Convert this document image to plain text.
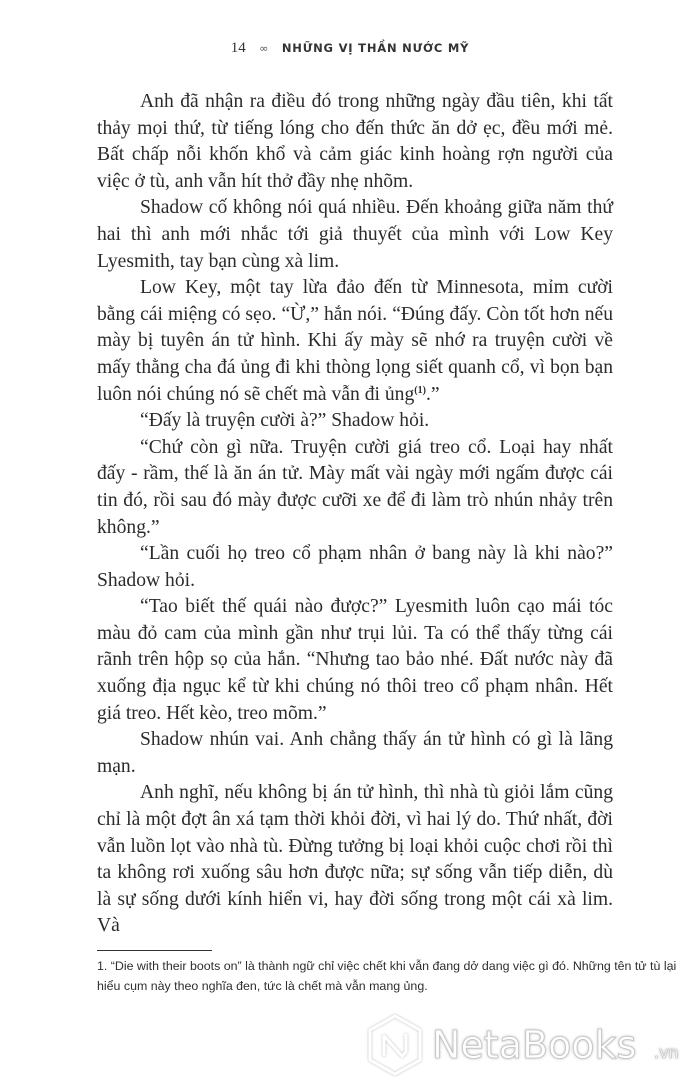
14 ∞ NHỮNG VỊ THẦN NƯỚC MỸ

Anh đã nhận ra điều đó trong những ngày đầu tiên, khi tất thảy mọi thứ, từ tiếng lóng cho đến thức ăn dở ẹc, đều mới mẻ. Bất chấp nỗi khốn khổ và cảm giác kinh hoàng rợn người của việc ở tù, anh vẫn hít thở đầy nhẹ nhõm.

Shadow cố không nói quá nhiều. Đến khoảng giữa năm thứ hai thì anh mới nhắc tới giả thuyết của mình với Low Key Lyesmith, tay bạn cùng xà lim.

Low Key, một tay lừa đảo đến từ Minnesota, mỉm cười bằng cái miệng có sẹo. “Ừ,” hắn nói. “Đúng đấy. Còn tốt hơn nếu mày bị tuyên án tử hình. Khi ấy mày sẽ nhớ ra truyện cười về mấy thằng cha đá ủng đi khi thòng lọng siết quanh cổ, vì bọn bạn luôn nói chúng nó sẽ chết mà vẫn đi ủng$^{(1)}$.”

“Đấy là truyện cười à?” Shadow hỏi.

“Chứ còn gì nữa. Truyện cười giá treo cổ. Loại hay nhất đấy - rầm, thế là ăn án tử. Mày mất vài ngày mới ngấm được cái tin đó, rồi sau đó mày được cưỡi xe để đi làm trò nhún nhảy trên không.”

“Lần cuối họ treo cổ phạm nhân ở bang này là khi nào?” Shadow hỏi.

“Tao biết thế quái nào được?” Lyesmith luôn cạo mái tóc màu đỏ cam của mình gần như trụi lủi. Ta có thể thấy từng cái rãnh trên hộp sọ của hắn. “Nhưng tao bảo nhé. Đất nước này đã xuống địa ngục kể từ khi chúng nó thôi treo cổ phạm nhân. Hết giá treo. Hết kèo, treo mõm.”

Shadow nhún vai. Anh chẳng thấy án tử hình có gì là lãng mạn.

Anh nghĩ, nếu không bị án tử hình, thì nhà tù giỏi lắm cũng chỉ là một đợt ân xá tạm thời khỏi đời, vì hai lý do. Thứ nhất, đời vẫn luồn lọt vào nhà tù. Đừng tưởng bị loại khỏi cuộc chơi rồi thì ta không rơi xuống sâu hơn được nữa; sự sống vẫn tiếp diễn, dù là sự sống dưới kính hiển vi, hay đời sống trong một cái xà lim. Và

1. “Die with their boots on” là thành ngữ chỉ việc chết khi vẫn đang dở dang việc gì đó. Những tên tử tù lại hiểu cụm này theo nghĩa đen, tức là chết mà vẫn mang ủng.

NetaBooks .vn
